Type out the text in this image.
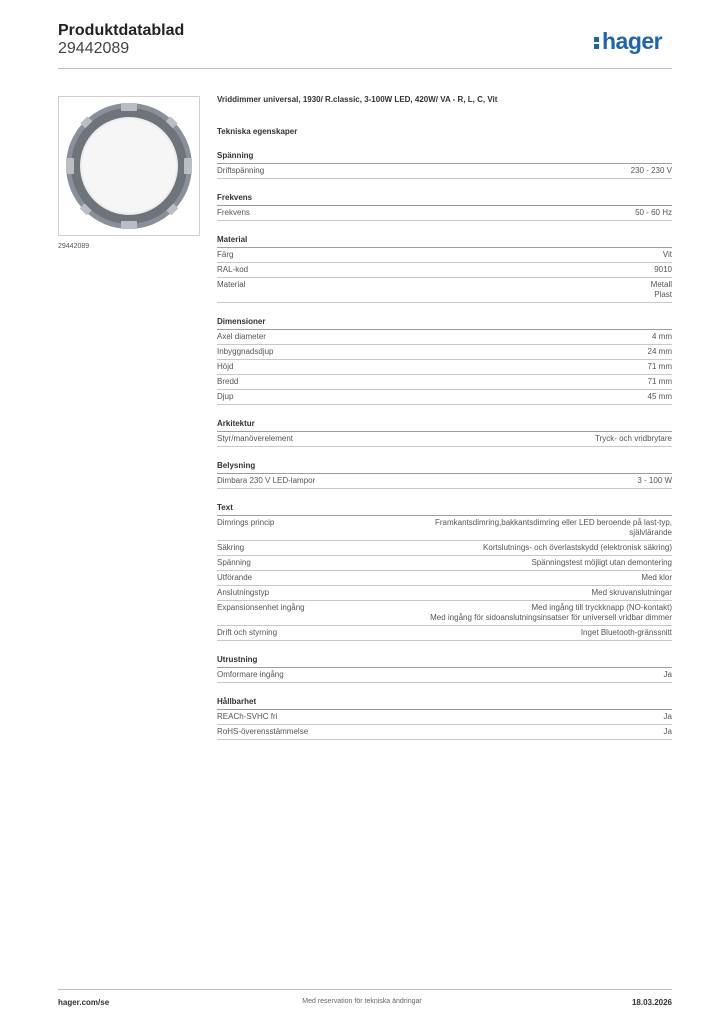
Produktdatablad
29442089	hager
29442089
Vriddimmer universal, 1930/ R.classic, 3-100W LED, 420W/ VA - R, L, C, Vit
Tekniska egenskaper
Spänning
Driftspänning	230 - 230 V
Frekvens
Frekvens	50 - 60 Hz
Material
Färg	Vit
RAL-kod	9010
Material	Metall
Plast
Dimensioner
Axel diameter	4 mm
Inbyggnadsdjup	24 mm
Höjd	71 mm
Bredd	71 mm
Djup	45 mm
Arkitektur
Styr/manöverelement	Tryck- och vridbrytare
Belysning
Dimbara 230 V LED-lampor	3 - 100 W
Text
Dimrings princip	Framkantsdimring,bakkantsdimring eller LED beroende på last-typ,
självlärande
Säkring	Kortslutnings- och överlastskydd (elektronisk säkring)
Spänning	Spänningstest möjligt utan demontering
Utförande	Med klor
Anslutningstyp	Med skruvanslutningar
Expansionsenhet ingång	Med ingång till tryckknapp (NO-kontakt)
Med ingång för sidoanslutningsinsatser för universell vridbar dimmer
Drift och styrning	Inget Bluetooth-gränssnitt
Utrustning
Omformare ingång	Ja
Hållbarhet
REACh-SVHC fri	Ja
RoHS-överensstämmelse	Ja
hager.com/se	Med reservation för tekniska ändringar	18.03.2026
